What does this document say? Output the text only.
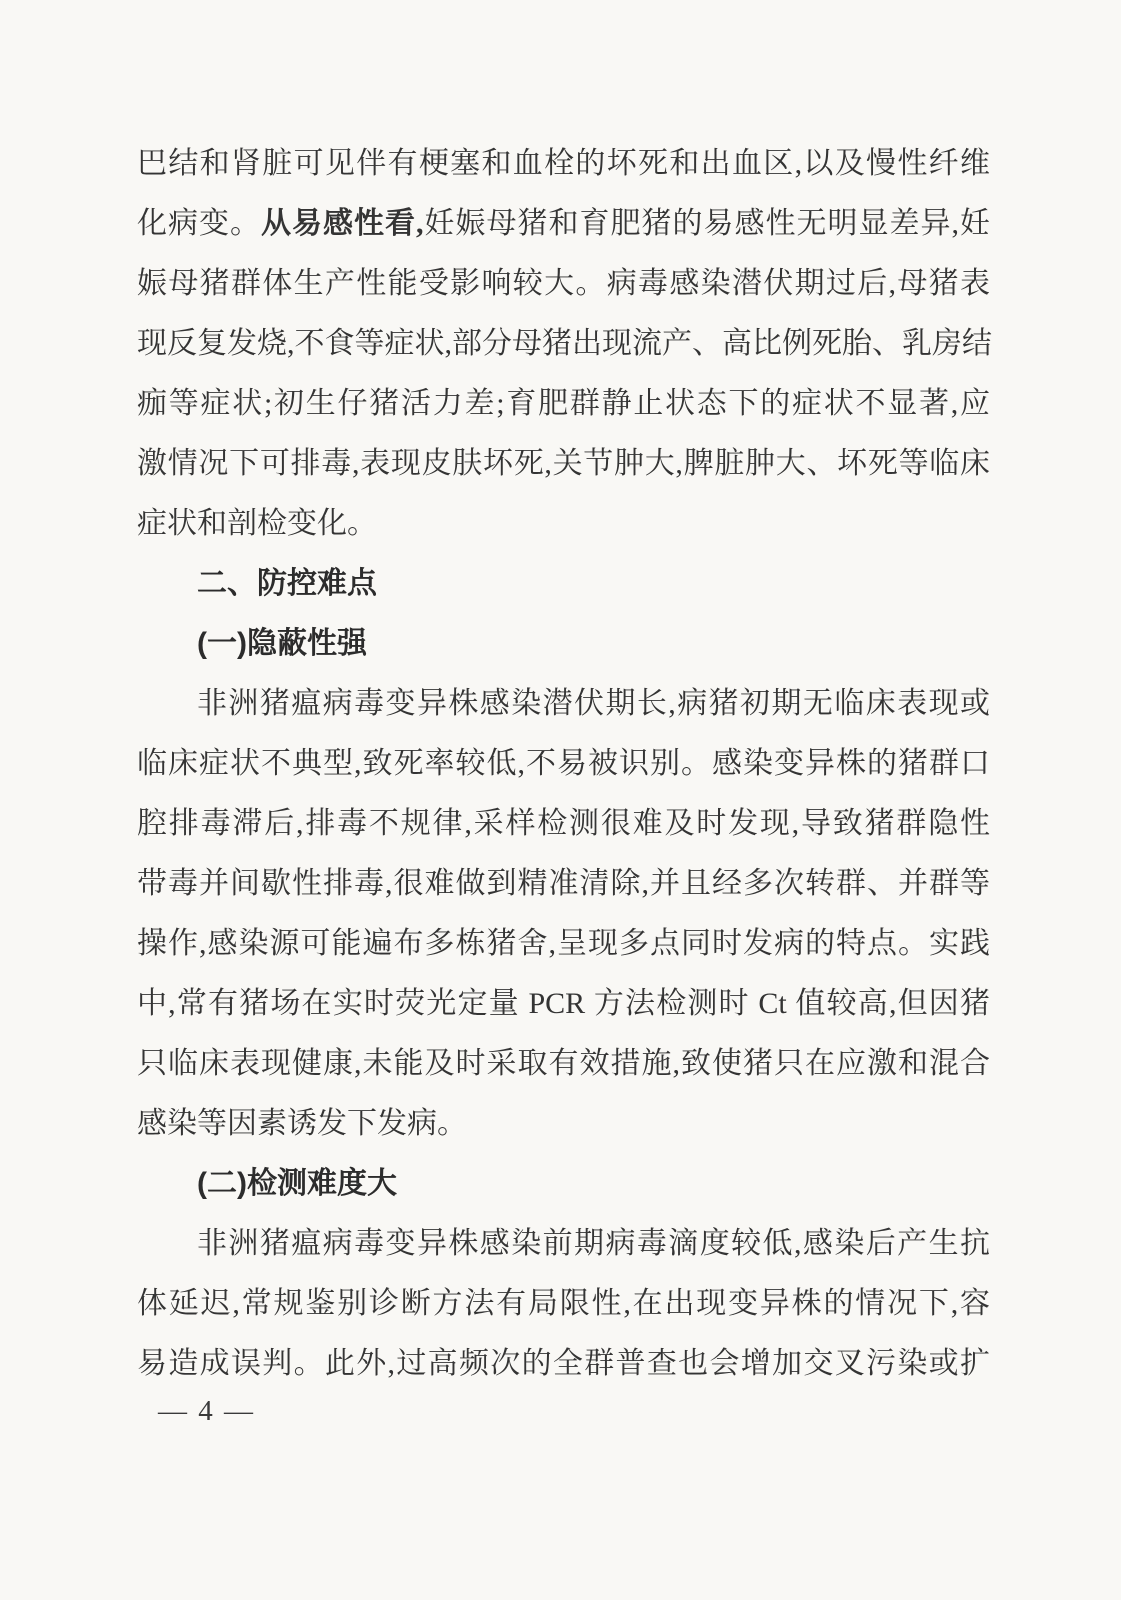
巴结和肾脏可见伴有梗塞和血栓的坏死和出血区,以及慢性纤维
化病变。从易感性看,妊娠母猪和育肥猪的易感性无明显差异,妊
娠母猪群体生产性能受影响较大。病毒感染潜伏期过后,母猪表
现反复发烧,不食等症状,部分母猪出现流产、高比例死胎、乳房结
痂等症状;初生仔猪活力差;育肥群静止状态下的症状不显著,应
激情况下可排毒,表现皮肤坏死,关节肿大,脾脏肿大、坏死等临床
症状和剖检变化。
二、防控难点
(一)隐蔽性强
非洲猪瘟病毒变异株感染潜伏期长,病猪初期无临床表现或
临床症状不典型,致死率较低,不易被识别。感染变异株的猪群口
腔排毒滞后,排毒不规律,采样检测很难及时发现,导致猪群隐性
带毒并间歇性排毒,很难做到精准清除,并且经多次转群、并群等
操作,感染源可能遍布多栋猪舍,呈现多点同时发病的特点。实践
中,常有猪场在实时荧光定量 PCR 方法检测时 Ct 值较高,但因猪
只临床表现健康,未能及时采取有效措施,致使猪只在应激和混合
感染等因素诱发下发病。
(二)检测难度大
非洲猪瘟病毒变异株感染前期病毒滴度较低,感染后产生抗
体延迟,常规鉴别诊断方法有局限性,在出现变异株的情况下,容
易造成误判。此外,过高频次的全群普查也会增加交叉污染或扩
— 4 —
